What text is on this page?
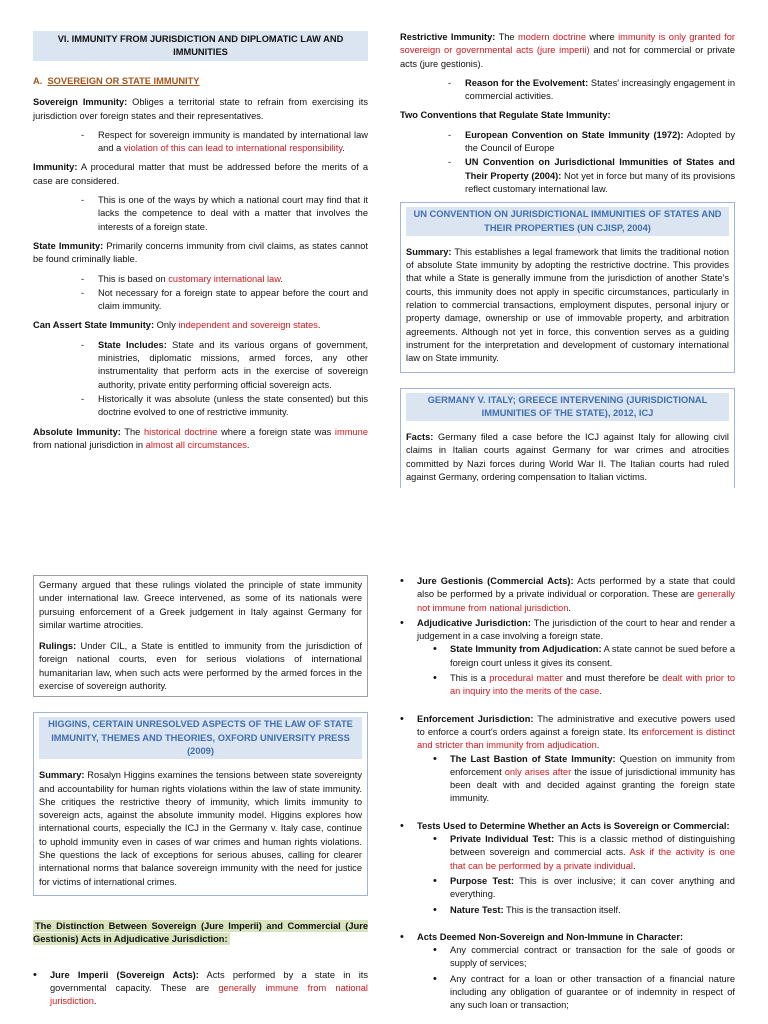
VI. IMMUNITY FROM JURISDICTION AND DIPLOMATIC LAW AND IMMUNITIES
A. SOVEREIGN OR STATE IMMUNITY

Sovereign Immunity: Obliges a territorial state to refrain from exercising its jurisdiction over foreign states and their representatives.

- Respect for sovereign immunity is mandated by international law and a violation of this can lead to international responsibility.

Immunity: A procedural matter that must be addressed before the merits of a case are considered.

- This is one of the ways by which a national court may find that it lacks the competence to deal with a matter that involves the interests of a foreign state.

State Immunity: Primarily concerns immunity from civil claims, as states cannot be found criminally liable.

- This is based on customary international law.
- Not necessary for a foreign state to appear before the court and claim immunity.

Can Assert State Immunity: Only independent and sovereign states.

- State Includes: State and its various organs of government, ministries, diplomatic missions, armed forces, any other instrumentality that perform acts in the exercise of sovereign authority, private entity performing official sovereign acts.
- Historically it was absolute (unless the state consented) but this doctrine evolved to one of restrictive immunity.

Absolute Immunity: The historical doctrine where a foreign state was immune from national jurisdiction in almost all circumstances.

Restrictive Immunity: The modern doctrine where immunity is only granted for sovereign or governmental acts (jure imperii) and not for commercial or private acts (jure gestionis).

- Reason for the Evolvement: States' increasingly engagement in commercial activities.

Two Conventions that Regulate State Immunity:

- European Convention on State Immunity (1972): Adopted by the Council of Europe
- UN Convention on Jurisdictional Immunities of States and Their Property (2004): Not yet in force but many of its provisions reflect customary international law.
UN CONVENTION ON JURISDICTIONAL IMMUNITIES OF STATES AND THEIR PROPERTIES (UN CJISP, 2004)

Summary: This establishes a legal framework that limits the traditional notion of absolute State immunity by adopting the restrictive doctrine. This provides that while a State is generally immune from the jurisdiction of another State's courts, this immunity does not apply in specific circumstances, particularly in relation to commercial transactions, employment disputes, personal injury or property damage, ownership or use of immovable property, and arbitration agreements. Although not yet in force, this convention serves as a guiding instrument for the interpretation and development of customary international law on State immunity.

GERMANY V. ITALY; GREECE INTERVENING (JURISDICTIONAL IMMUNITIES OF THE STATE), 2012, ICJ

Facts: Germany filed a case before the ICJ against Italy for allowing civil claims in Italian courts against Germany for war crimes and atrocities committed by Nazi forces during World War II. The Italian courts had ruled against Germany, ordering compensation to Italian victims.

Germany argued that these rulings violated the principle of state immunity under international law. Greece intervened, as some of its nationals were pursuing enforcement of a Greek judgement in Italy against Germany for similar wartime atrocities.

Rulings: Under CIL, a State is entitled to immunity from the jurisdiction of foreign national courts, even for serious violations of international humanitarian law, when such acts were performed by the armed forces in the exercise of sovereign authority.

HIGGINS, CERTAIN UNRESOLVED ASPECTS OF THE LAW OF STATE IMMUNITY, THEMES AND THEORIES, OXFORD UNIVERSITY PRESS (2009)

Summary: Rosalyn Higgins examines the tensions between state sovereignty and accountability for human rights violations within the law of state immunity. She critiques the restrictive theory of immunity, which limits immunity to sovereign acts, against the absolute immunity model. Higgins explores how international courts, especially the ICJ in the Germany v. Italy case, continue to uphold immunity even in cases of war crimes and human rights violations. She questions the lack of exceptions for serious abuses, calling for clearer international norms that balance sovereign immunity with the need for justice for victims of international crimes.

The Distinction Between Sovereign (Jure Imperii) and Commercial (Jure Gestionis) Acts in Adjudicative Jurisdiction:

• Jure Imperii (Sovereign Acts): Acts performed by a state in its governmental capacity. These are generally immune from national jurisdiction.
• Jure Gestionis (Commercial Acts): Acts performed by a state that could also be performed by a private individual or corporation. These are generally not immune from national jurisdiction.
• Adjudicative Jurisdiction: The jurisdiction of the court to hear and render a judgement in a case involving a foreign state.
• State Immunity from Adjudication: A state cannot be sued before a foreign court unless it gives its consent.
• This is a procedural matter and must therefore be dealt with prior to an inquiry into the merits of the case.
• Enforcement Jurisdiction: The administrative and executive powers used to enforce a court's orders against a foreign state. Its enforcement is distinct and stricter than immunity from adjudication.
• The Last Bastion of State Immunity: Question on immunity from enforcement only arises after the issue of jurisdictional immunity has been dealt with and decided against granting the foreign state immunity.
• Tests Used to Determine Whether an Acts is Sovereign or Commercial:
• Private Individual Test: This is a classic method of distinguishing between sovereign and commercial acts. Ask if the activity is one that can be performed by a private individual.
• Purpose Test: This is over inclusive; it can cover anything and everything.
• Nature Test: This is the transaction itself.
• Acts Deemed Non-Sovereign and Non-Immune in Character:
• Any commercial contract or transaction for the sale of goods or supply of services;
• Any contract for a loan or other transaction of a financial nature including any obligation of guarantee or of indemnity in respect of any such loan or transaction;
